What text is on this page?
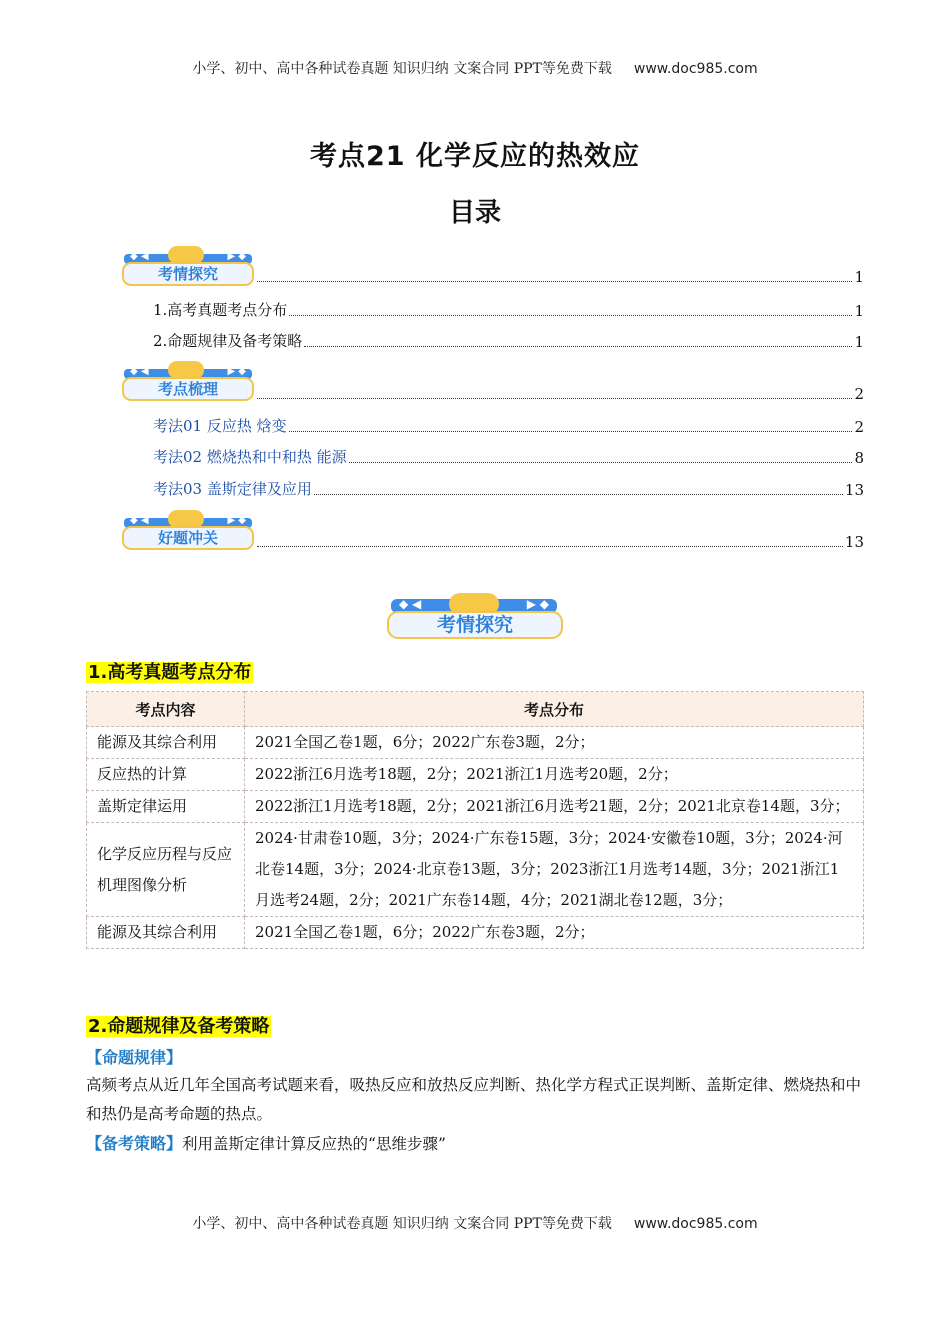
小学、初中、高中各种试卷真题 知识归纳 文案合同 PPT等免费下载 www.doc985.com
考点21 化学反应的热效应
目录
◆ ◀	▶ ◆
考情探究	1
1.高考真题考点分布	1
2.命题规律及备考策略	1
◆ ◀	▶ ◆
考点梳理	2
考法01 反应热 焓变	2
考法02 燃烧热和中和热 能源	8
考法03 盖斯定律及应用	13
◆ ◀	▶ ◆
好题冲关	13
◆ ◀	▶ ◆
考情探究
1.高考真题考点分布
考点内容	考点分布
能源及其综合利用	2021全国乙卷1题，6分；2022广东卷3题，2分；
反应热的计算	2022浙江6月选考18题，2分；2021浙江1月选考20题，2分；
盖斯定律运用	2022浙江1月选考18题，2分；2021浙江6月选考21题，2分；2021北京卷14题，3分；
化学反应历程与反应机理图像分析	2024·甘肃卷10题，3分；2024·广东卷15题，3分；2024·安徽卷10题，3分；2024·河北卷14题，3分；2024·北京卷13题，3分；2023浙江1月选考14题，3分；2021浙江1月选考24题，2分；2021广东卷14题，4分；2021湖北卷12题，3分；
能源及其综合利用	2021全国乙卷1题，6分；2022广东卷3题，2分；
2.命题规律及备考策略
【命题规律】
高频考点从近几年全国高考试题来看，吸热反应和放热反应判断、热化学方程式正误判断、盖斯定律、燃烧热和中和热仍是高考命题的热点。
【备考策略】利用盖斯定律计算反应热的“思维步骤”
小学、初中、高中各种试卷真题 知识归纳 文案合同 PPT等免费下载 www.doc985.com
